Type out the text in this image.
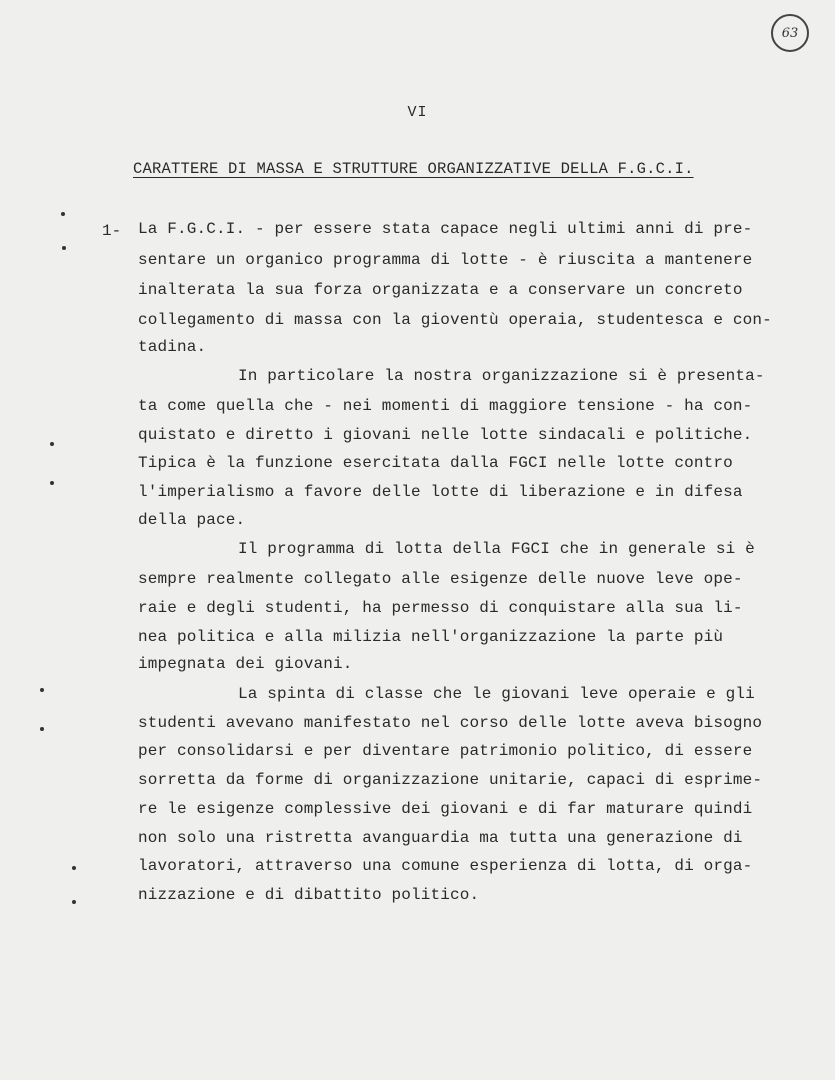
63
VI
CARATTERE DI MASSA E STRUTTURE ORGANIZZATIVE DELLA F.G.C.I.
1- La F.G.C.I. - per essere stata capace negli ultimi anni di pre-
sentare un organico programma di lotte - è riuscita a mantenere
inalterata la sua forza organizzata e a conservare un concreto
collegamento di massa con la gioventù operaia, studentesca e con-
tadina.
In particolare la nostra organizzazione si è presenta-
ta come quella che - nei momenti di maggiore tensione - ha con-
quistato e diretto i giovani nelle lotte sindacali e politiche.
Tipica è la funzione esercitata dalla FGCI nelle lotte contro
l'imperialismo a favore delle lotte di liberazione e in difesa
della pace.
Il programma di lotta della FGCI che in generale si è
sempre realmente collegato alle esigenze delle nuove leve ope-
raie e degli studenti, ha permesso di conquistare alla sua li-
nea politica e alla milizia nell'organizzazione la parte più
impegnata dei giovani.
La spinta di classe che le giovani leve operaie e gli
studenti avevano manifestato nel corso delle lotte aveva bisogno
per consolidarsi e per diventare patrimonio politico, di essere
sorretta da forme di organizzazione unitarie, capaci di esprime-
re le esigenze complessive dei giovani e di far maturare quindi
non solo una ristretta avanguardia ma tutta una generazione di
lavoratori, attraverso una comune esperienza di lotta, di orga-
nizzazione e di dibattito politico.
